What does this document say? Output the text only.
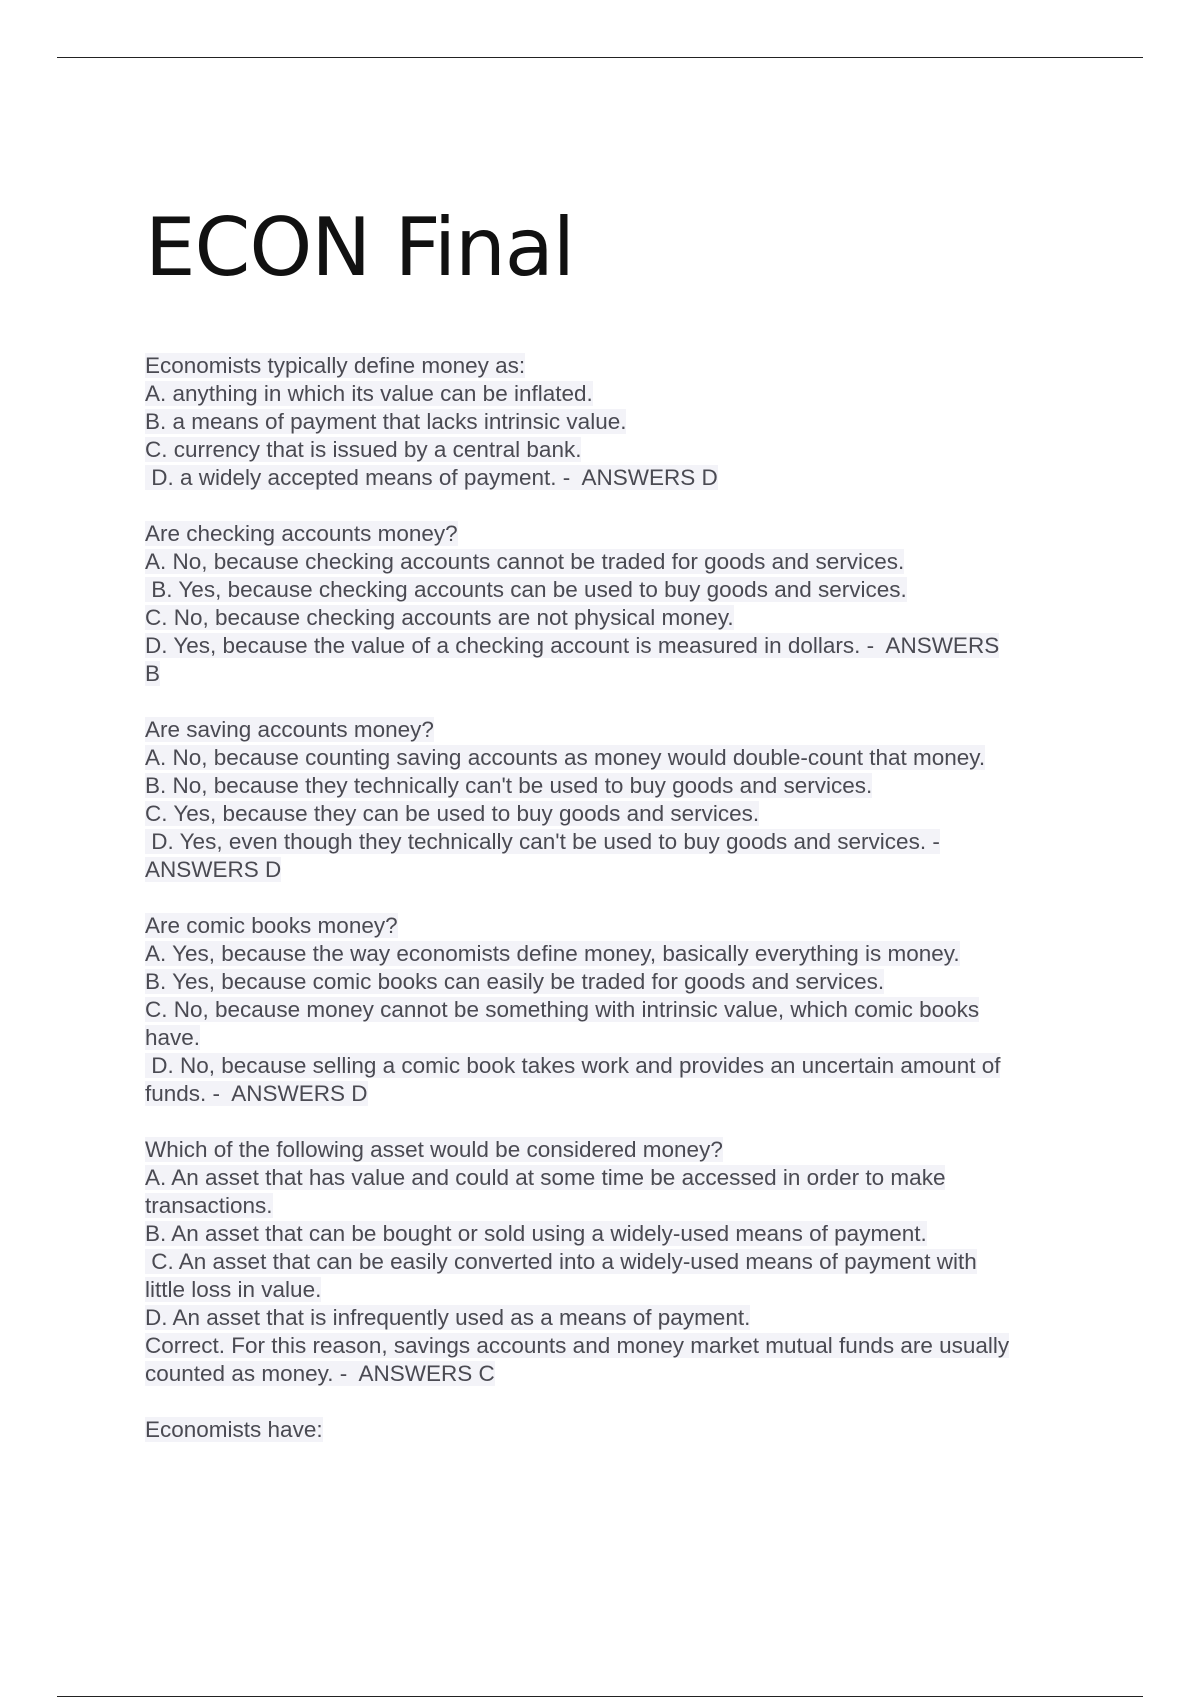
ECON Final
Economists typically define money as:
A. anything in which its value can be inflated.
B. a means of payment that lacks intrinsic value.
C. currency that is issued by a central bank.
D. a widely accepted means of payment. -  ANSWERS D
Are checking accounts money?
A. No, because checking accounts cannot be traded for goods and services.
B. Yes, because checking accounts can be used to buy goods and services.
C. No, because checking accounts are not physical money.
D. Yes, because the value of a checking account is measured in dollars. -  ANSWERS
B
Are saving accounts money?
A. No, because counting saving accounts as money would double-count that money.
B. No, because they technically can't be used to buy goods and services.
C. Yes, because they can be used to buy goods and services.
D. Yes, even though they technically can't be used to buy goods and services. -
ANSWERS D
Are comic books money?
A. Yes, because the way economists define money, basically everything is money.
B. Yes, because comic books can easily be traded for goods and services.
C. No, because money cannot be something with intrinsic value, which comic books
have.
D. No, because selling a comic book takes work and provides an uncertain amount of
funds. -  ANSWERS D
Which of the following asset would be considered money?
A. An asset that has value and could at some time be accessed in order to make
transactions.
B. An asset that can be bought or sold using a widely-used means of payment.
C. An asset that can be easily converted into a widely-used means of payment with
little loss in value.
D. An asset that is infrequently used as a means of payment.
Correct. For this reason, savings accounts and money market mutual funds are usually
counted as money. -  ANSWERS C
Economists have:
